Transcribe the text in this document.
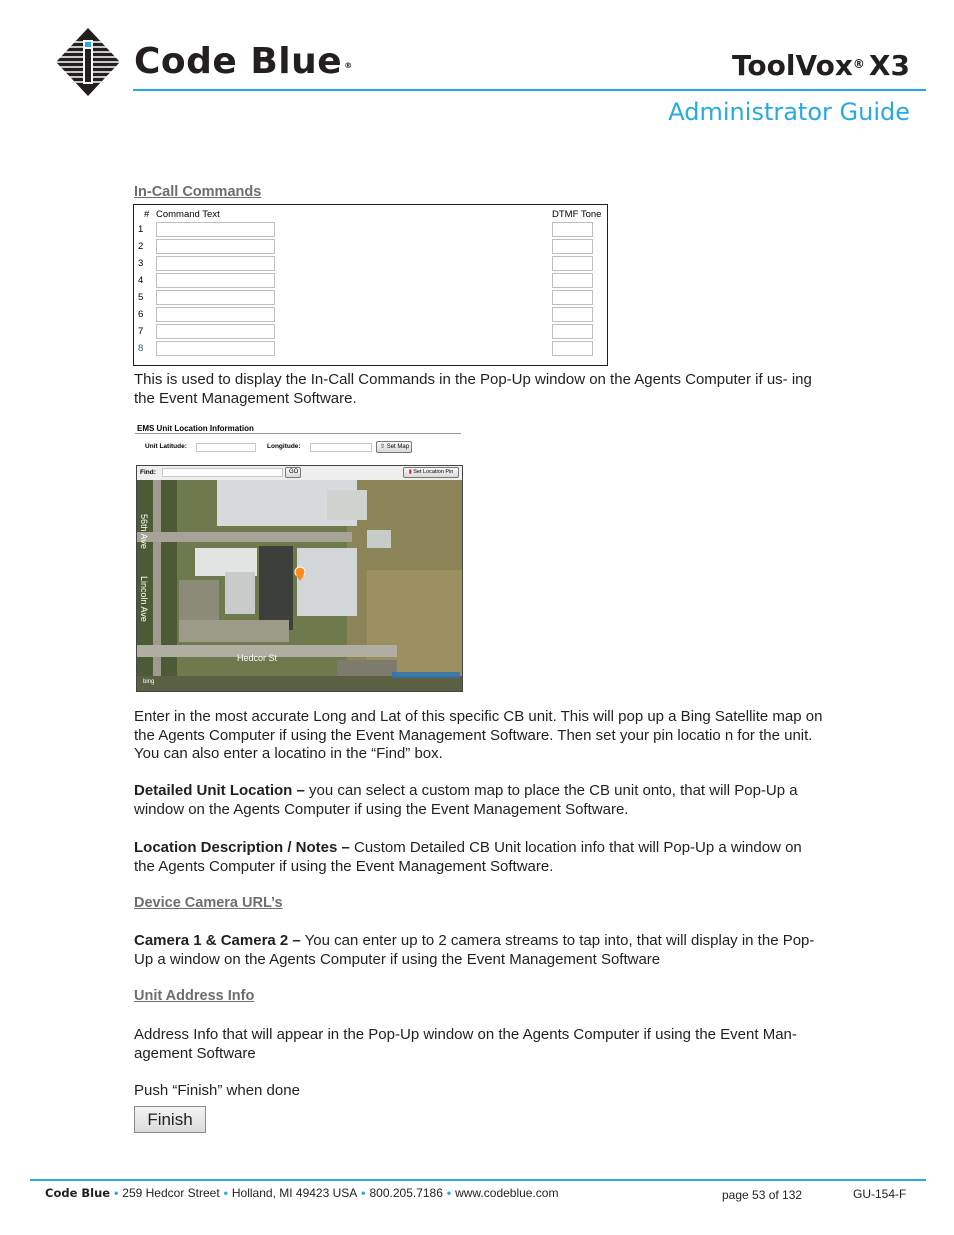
Code Blue ®	ToolVox® X3
Administrator Guide
In-Call Commands
# Command Text	DTMF Tone
1
2
3
4
5
6
7
8
This is used to display the In-Call Commands in the Pop-Up window on the Agents Computer if us- ing the Event Management Software.
EMS Unit Location Information
Unit Latitude:	Longitude:	⇧ Set Map
Find:	GO	▮ Set Location Pin
56th Ave
Lincoln Ave
Hedcor St
bing
Enter in the most accurate Long and Lat of this specific CB unit. This will pop up a Bing Satellite map on the Agents Computer if using the Event Management Software. Then set your pin locatio n for the unit. You can also enter a locatino in the “Find” box.
Detailed Unit Location – you can select a custom map to place the CB unit onto, that will Pop-Up a window on the Agents Computer if using the Event Management Software.
Location Description / Notes – Custom Detailed CB Unit location info that will Pop-Up a window on the Agents Computer if using the Event Management Software.
Device Camera URL’s
Camera 1 & Camera 2 – You can enter up to 2 camera streams to tap into, that will display in the Pop-Up a window on the Agents Computer if using the Event Management Software
Unit Address Info
Address Info that will appear in the Pop-Up window on the Agents Computer if using the Event Man- agement Software
Push “Finish” when done
Finish
Code Blue • 259 Hedcor Street • Holland, MI 49423 USA • 800.205.7186 • www.codeblue.com	page 53 of 132	GU-154-F
